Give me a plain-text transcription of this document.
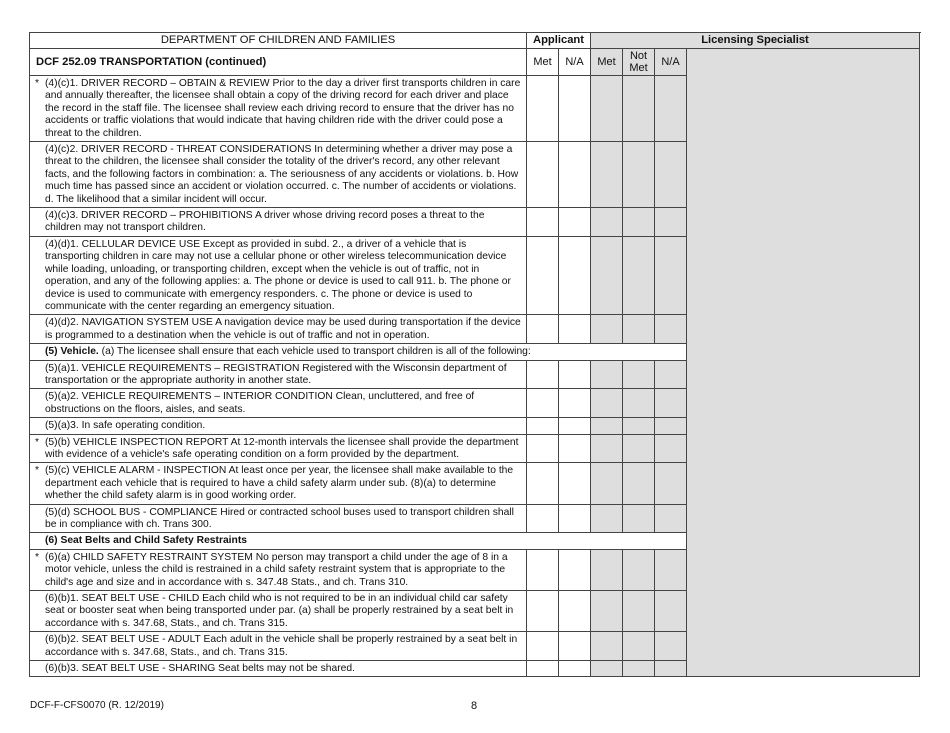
DEPARTMENT OF CHILDREN AND FAMILIES	Applicant		Licensing Specialist			
DCF 252.09 TRANSPORTATION (continued)	Met	N/A	Met	Not Met	N/A	

* (4)(c)1. DRIVER RECORD – OBTAIN & REVIEW Prior to the day a driver first transports children in care and annually thereafter, the licensee shall obtain a copy of the driving record for each driver and place the record in the staff file. The licensee shall review each driving record to ensure that the driver has no accidents or traffic violations that would indicate that having children ride with the driver could pose a threat to the children.						
(4)(c)2. DRIVER RECORD - THREAT CONSIDERATIONS In determining whether a driver may pose a threat to the children, the licensee shall consider the totality of the driver's record, any other relevant facts, and the following factors in combination: a. The seriousness of any accidents or violations. b. How much time has passed since an accident or violation occurred. c. The number of accidents or violations. d. The likelihood that a similar incident will occur.						
(4)(c)3. DRIVER RECORD – PROHIBITIONS A driver whose driving record poses a threat to the children may not transport children.						
(4)(d)1. CELLULAR DEVICE USE Except as provided in subd. 2., a driver of a vehicle that is transporting children in care may not use a cellular phone or other wireless telecommunication device while loading, unloading, or transporting children, except when the vehicle is out of traffic, not in operation, and any of the following applies: a. The phone or device is used to call 911. b. The phone or device is used to communicate with emergency responders. c. The phone or device is used to communicate with the center regarding an emergency situation.						
(4)(d)2. NAVIGATION SYSTEM USE A navigation device may be used during transportation if the device is programmed to a destination when the vehicle is out of traffic and not in operation.						
(5) Vehicle. (a) The licensee shall ensure that each vehicle used to transport children is all of the following:						
(5)(a)1. VEHICLE REQUIREMENTS – REGISTRATION Registered with the Wisconsin department of transportation or the appropriate authority in another state.						
(5)(a)2. VEHICLE REQUIREMENTS – INTERIOR CONDITION Clean, uncluttered, and free of obstructions on the floors, aisles, and seats.						
(5)(a)3. In safe operating condition.						

* (5)(b) VEHICLE INSPECTION REPORT At 12-month intervals the licensee shall provide the department with evidence of a vehicle's safe operating condition on a form provided by the department.						

* (5)(c) VEHICLE ALARM - INSPECTION At least once per year, the licensee shall make available to the department each vehicle that is required to have a child safety alarm under sub. (8)(a) to determine whether the child safety alarm is in good working order.						
(5)(d) SCHOOL BUS - COMPLIANCE Hired or contracted school buses used to transport children shall be in compliance with ch. Trans 300.						
(6) Seat Belts and Child Safety Restraints						

* (6)(a) CHILD SAFETY RESTRAINT SYSTEM No person may transport a child under the age of 8 in a motor vehicle, unless the child is restrained in a child safety restraint system that is appropriate to the child's age and size and in accordance with s. 347.48 Stats., and ch. Trans 310.						
(6)(b)1. SEAT BELT USE - CHILD Each child who is not required to be in an individual child car safety seat or booster seat when being transported under par. (a) shall be properly restrained by a seat belt in accordance with s. 347.68, Stats., and ch. Trans 315.						
(6)(b)2. SEAT BELT USE - ADULT Each adult in the vehicle shall be properly restrained by a seat belt in accordance with s. 347.68, Stats., and ch. Trans 315.						
(6)(b)3. SEAT BELT USE - SHARING Seat belts may not be shared.						
DCF-F-CFS0070 (R. 12/2019)	8
